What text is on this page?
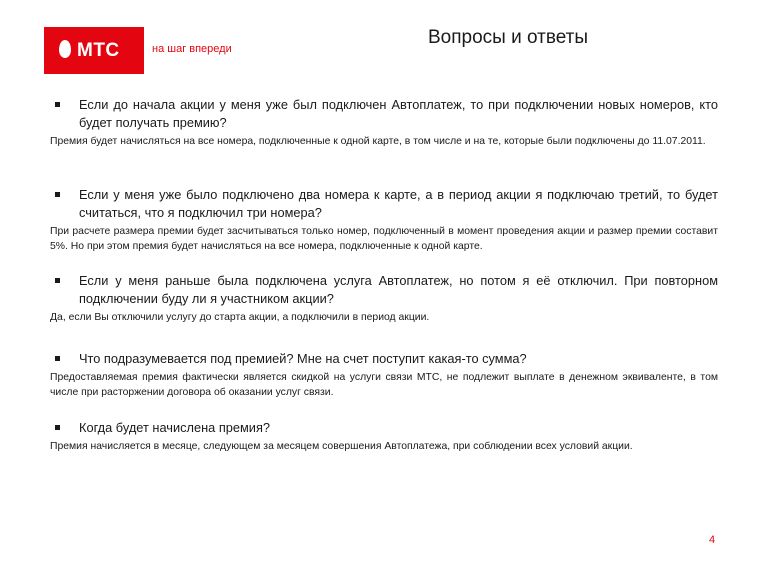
МТС	на шаг впереди
Вопросы и ответы
Если до начала акции у меня уже был подключен Автоплатеж, то при подключении новых номеров, кто будет получать премию?
Премия будет начисляться на все номера, подключенные к одной карте, в том числе и на те, которые были подключены до 11.07.2011.
Если у меня уже было подключено два номера к карте, а в период акции я подключаю третий, то будет считаться, что я подключил три номера?
При расчете размера премии будет засчитываться только номер, подключенный в момент проведения акции и размер премии составит 5%. Но при этом премия будет начисляться на все номера, подключенные к одной карте.
Если у меня раньше была подключена услуга Автоплатеж, но потом я её отключил. При повторном подключении буду ли я участником акции?
Да, если Вы отключили услугу до старта акции, а подключили в период акции.
Что подразумевается под премией? Мне на счет поступит какая-то сумма?
Предоставляемая премия фактически является скидкой на услуги связи МТС, не подлежит выплате в денежном эквиваленте, в том числе при расторжении договора об оказании услуг связи.
Когда будет начислена премия?
Премия начисляется в месяце, следующем за месяцем совершения Автоплатежа, при соблюдении всех условий акции.
4
